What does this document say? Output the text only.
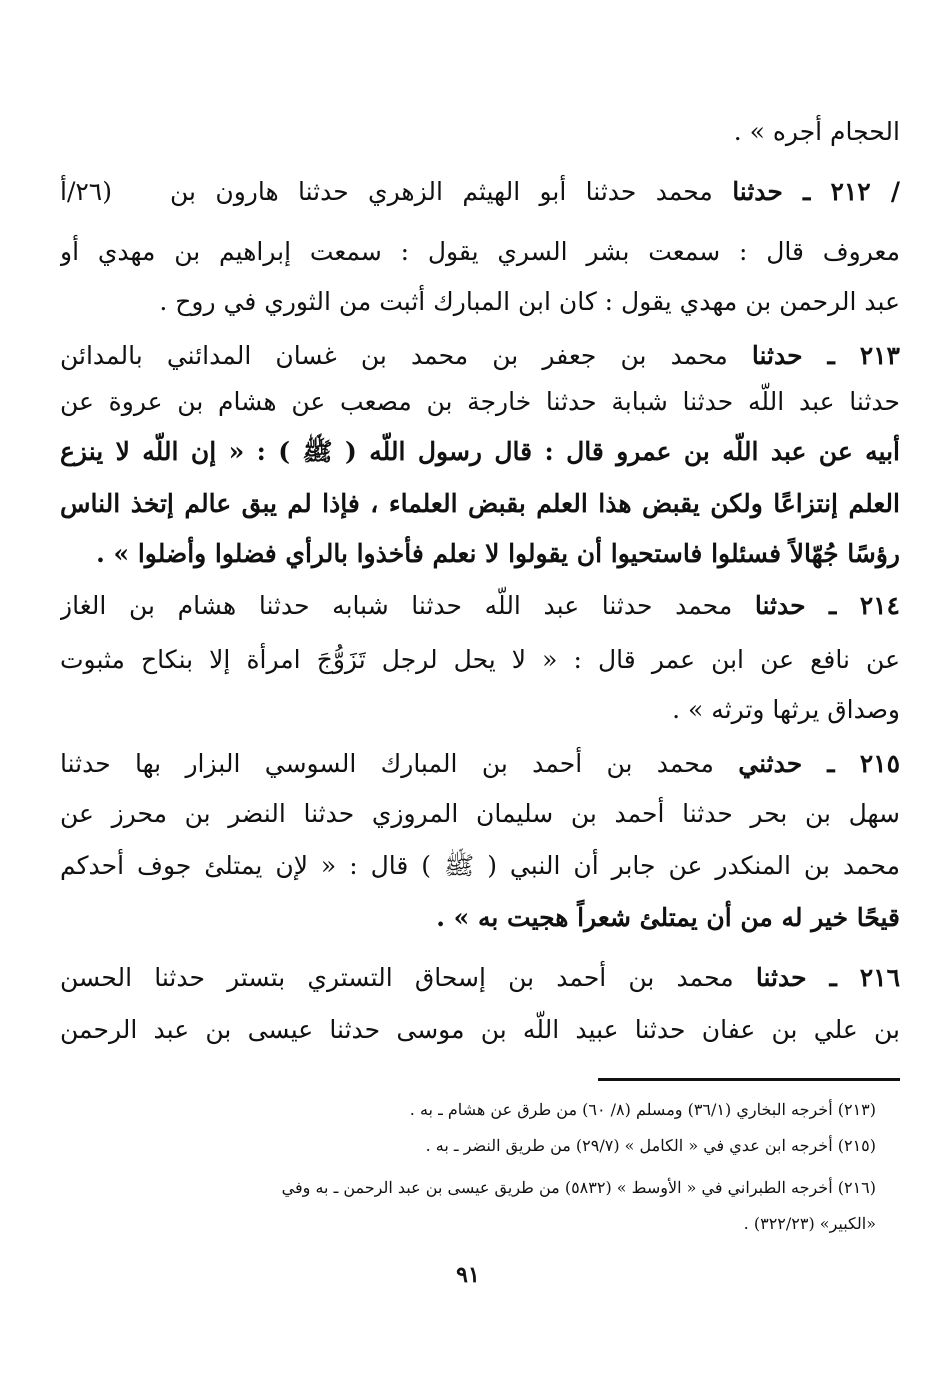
الحجام أجره » .
/ ٢١٢ ـ حدثنا محمد حدثنا أبو الهيثم الزهري حدثنا هارون بن
معروف قال : سمعت بشر السري يقول : سمعت إبراهيم بن مهدي أو
عبد الرحمن بن مهدي يقول : كان ابن المبارك أثبت من الثوري في روح .
٢١٣ ـ حدثنا محمد بن جعفر بن محمد بن غسان المدائني بالمدائن
حدثنا عبد اللّه حدثنا شبابة حدثنا خارجة بن مصعب عن هشام بن عروة عن
أبيه عن عبد اللّه بن عمرو قال : قال رسول اللّه ( ﷺ ) : « إن اللّه لا ينزع
العلم إنتزاعًا ولكن يقبض هذا العلم بقبض العلماء ، فإذا لم يبق عالم إتخذ الناس
رؤسًا جُهّالاً فسئلوا فاستحيوا أن يقولوا لا نعلم فأخذوا بالرأي فضلوا وأضلوا » .
٢١٤ ـ حدثنا محمد حدثنا عبد اللّه حدثنا شبابه حدثنا هشام بن الغاز
عن نافع عن ابن عمر قال : « لا يحل لرجل تَزَوُّجَ امرأة إلا بنكاح مثبوت
وصداق يرثها وترثه » .
٢١٥ ـ حدثني محمد بن أحمد بن المبارك السوسي البزار بها حدثنا
سهل بن بحر حدثنا أحمد بن سليمان المروزي حدثنا النضر بن محرز عن
محمد بن المنكدر عن جابر أن النبي ( ﷺ ) قال : « لإن يمتلئ جوف أحدكم
قيحًا خير له من أن يمتلئ شعراً هجيت به » .
٢١٦ ـ حدثنا محمد بن أحمد بن إسحاق التستري بتستر حدثنا الحسن
بن علي بن عفان حدثنا عبيد اللّه بن موسى حدثنا عيسى بن عبد الرحمن
(٢٦/أ
(٢١٣) أخرجه البخاري (٣٦/١) ومسلم (٨/ ٦٠) من طرق عن هشام ـ به .
(٢١٥) أخرجه ابن عدي في « الكامل » (٢٩/٧) من طريق النضر ـ به .
(٢١٦) أخرجه الطبراني في « الأوسط » (٥٨٣٢) من طريق عيسى بن عبد الرحمن ـ به وفي
«الكبير» (٣٢٢/٢٣) .
٩١
